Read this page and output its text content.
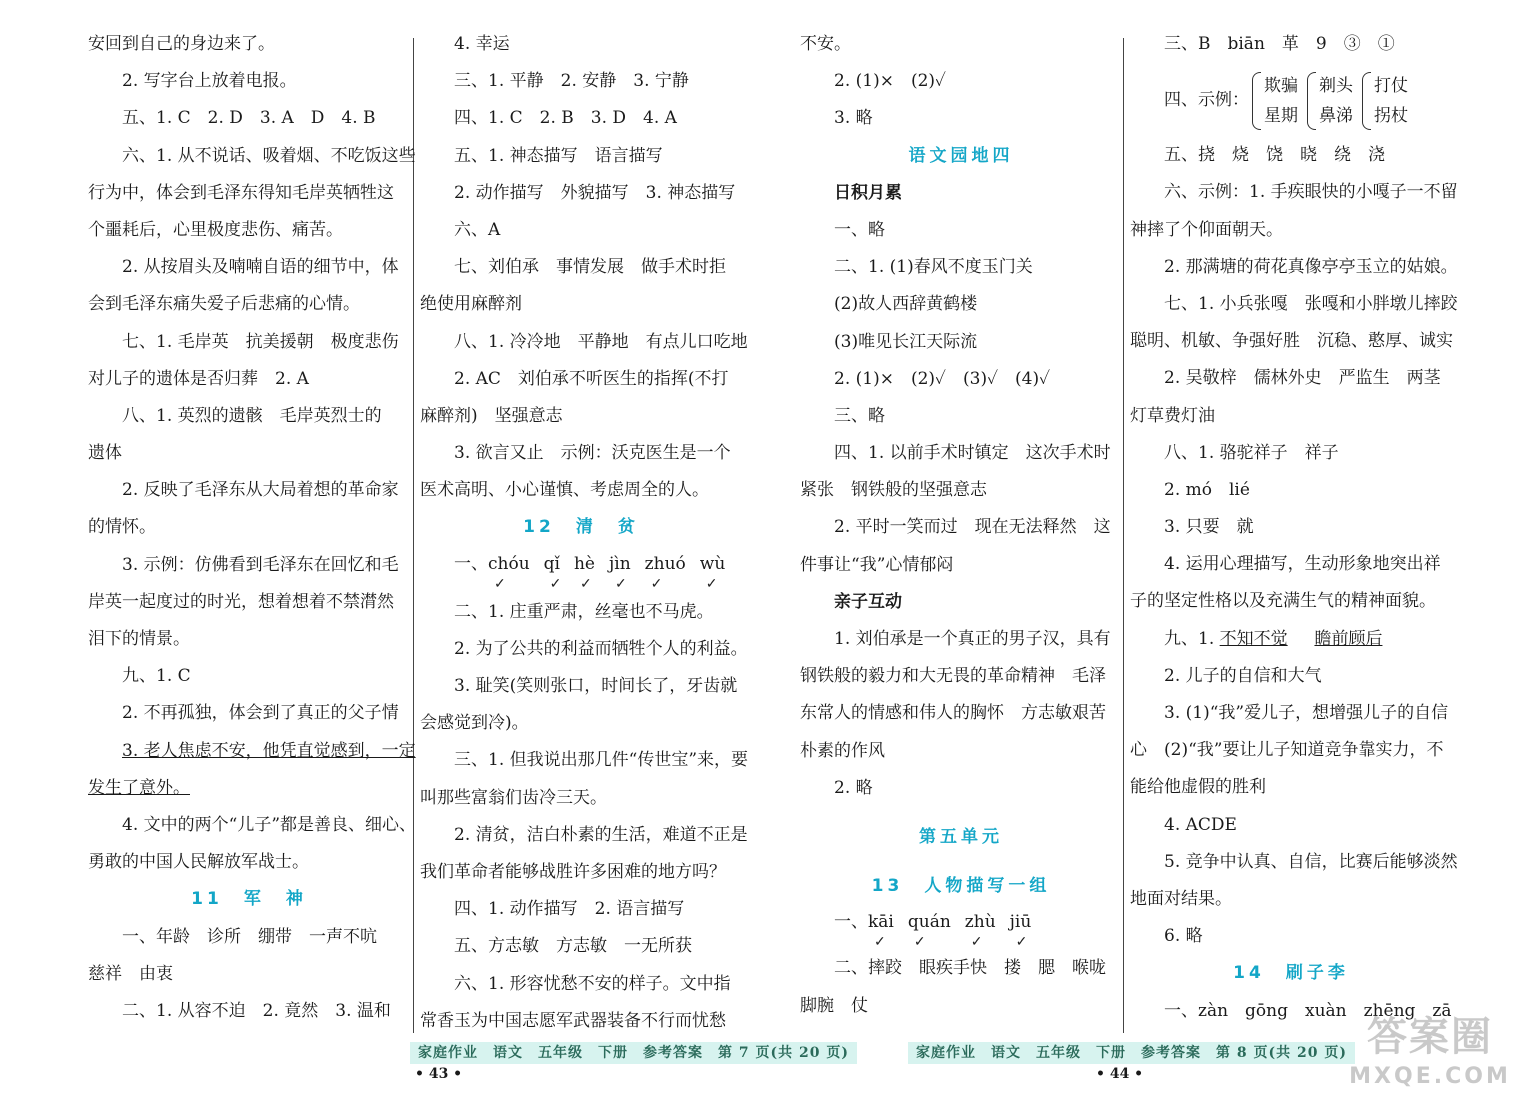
安回到自己的身边来了。
2. 写字台上放着电报。
五、1. C　2. D　3. A　D　4. B
六、1. 从不说话、吸着烟、不吃饭这些
行为中，体会到毛泽东得知毛岸英牺牲这
个噩耗后，心里极度悲伤、痛苦。
2. 从按眉头及喃喃自语的细节中，体
会到毛泽东痛失爱子后悲痛的心情。
七、1. 毛岸英　抗美援朝　极度悲伤
对儿子的遗体是否归葬　2. A
八、1. 英烈的遗骸　毛岸英烈士的
遗体
2. 反映了毛泽东从大局着想的革命家
的情怀。
3. 示例：仿佛看到毛泽东在回忆和毛
岸英一起度过的时光，想着想着不禁潸然
泪下的情景。
九、1. C
2. 不再孤独，体会到了真正的父子情
3. 老人焦虑不安，他凭直觉感到，一定
发生了意外。
4. 文中的两个“儿子”都是善良、细心、
勇敢的中国人民解放军战士。
11　军　神
一、年龄　诊所　绷带　一声不吭
慈祥　由衷
二、1. 从容不迫　2. 竟然　3. 温和
4. 幸运
三、1. 平静　2. 安静　3. 宁静
四、1. C　2. B　3. D　4. A
五、1. 神态描写　语言描写
2. 动作描写　外貌描写　3. 神态描写
六、A
七、刘伯承　事情发展　做手术时拒
绝使用麻醉剂
八、1. 冷冷地　平静地　有点儿口吃地
2. AC　刘伯承不听医生的指挥(不打
麻醉剂)　坚强意志
3. 欲言又止　示例：沃克医生是一个
医术高明、小心谨慎、考虑周全的人。
12　清　贫
一、chóu
✓
qǐ
✓
hè
✓
jìn
✓
zhuó
✓
wù
✓
二、1. 庄重严肃，丝毫也不马虎。
2. 为了公共的利益而牺牲个人的利益。
3. 耻笑(笑则张口，时间长了，牙齿就
会感觉到冷)。
三、1. 但我说出那几件“传世宝”来，要
叫那些富翁们齿冷三天。
2. 清贫，洁白朴素的生活，难道不正是
我们革命者能够战胜许多困难的地方吗？
四、1. 动作描写　2. 语言描写
五、方志敏　方志敏　一无所获
六、1. 形容忧愁不安的样子。文中指
常香玉为中国志愿军武器装备不行而忧愁
不安。
2. (1)×　(2)✓
3. 略
语文园地四
日积月累
一、略
二、1. (1)春风不度玉门关
(2)故人西辞黄鹤楼
(3)唯见长江天际流
2. (1)×　(2)✓　(3)✓　(4)✓
三、略
四、1. 以前手术时镇定　这次手术时
紧张　钢铁般的坚强意志
2. 平时一笑而过　现在无法释然　这
件事让“我”心情郁闷
亲子互动
1. 刘伯承是一个真正的男子汉，具有
钢铁般的毅力和大无畏的革命精神　毛泽
东常人的情感和伟人的胸怀　方志敏艰苦
朴素的作风
2. 略
第五单元
13　人物描写一组
一、kāi
✓
quán
✓
zhù
✓
jiū
✓
二、摔跤　眼疾手快　搂　腮　喉咙
脚腕　仗
三、B　biān　革　9　③　①
四、示例：欺骗
星期剃头
鼻涕打仗
拐杖
五、挠　烧　饶　晓　绕　浇
六、示例：1. 手疾眼快的小嘎子一不留
神摔了个仰面朝天。
2. 那满塘的荷花真像亭亭玉立的姑娘。
七、1. 小兵张嘎　张嘎和小胖墩儿摔跤
聪明、机敏、争强好胜　沉稳、憨厚、诚实
2. 吴敬梓　儒林外史　严监生　两茎
灯草费灯油
八、1. 骆驼祥子　祥子
2. mó　lié
3. 只要　就
4. 运用心理描写，生动形象地突出祥
子的坚定性格以及充满生气的精神面貌。
九、1. 不知不觉 瞻前顾后
2. 儿子的自信和大气
3. (1)“我”爱儿子，想增强儿子的自信
心　(2)“我”要让儿子知道竞争靠实力，不
能给他虚假的胜利
4. ACDE
5. 竞争中认真、自信，比赛后能够淡然
地面对结果。
6. 略
14　刷子李
一、zàn　gōng　xuàn　zhēng　zā
家庭作业　语文　五年级　下册　参考答案　第 7 页(共 20 页)	家庭作业　语文　五年级　下册　参考答案　第 8 页(共 20 页)
• 43 •	• 44 •
答案圈
MXQE.COM
